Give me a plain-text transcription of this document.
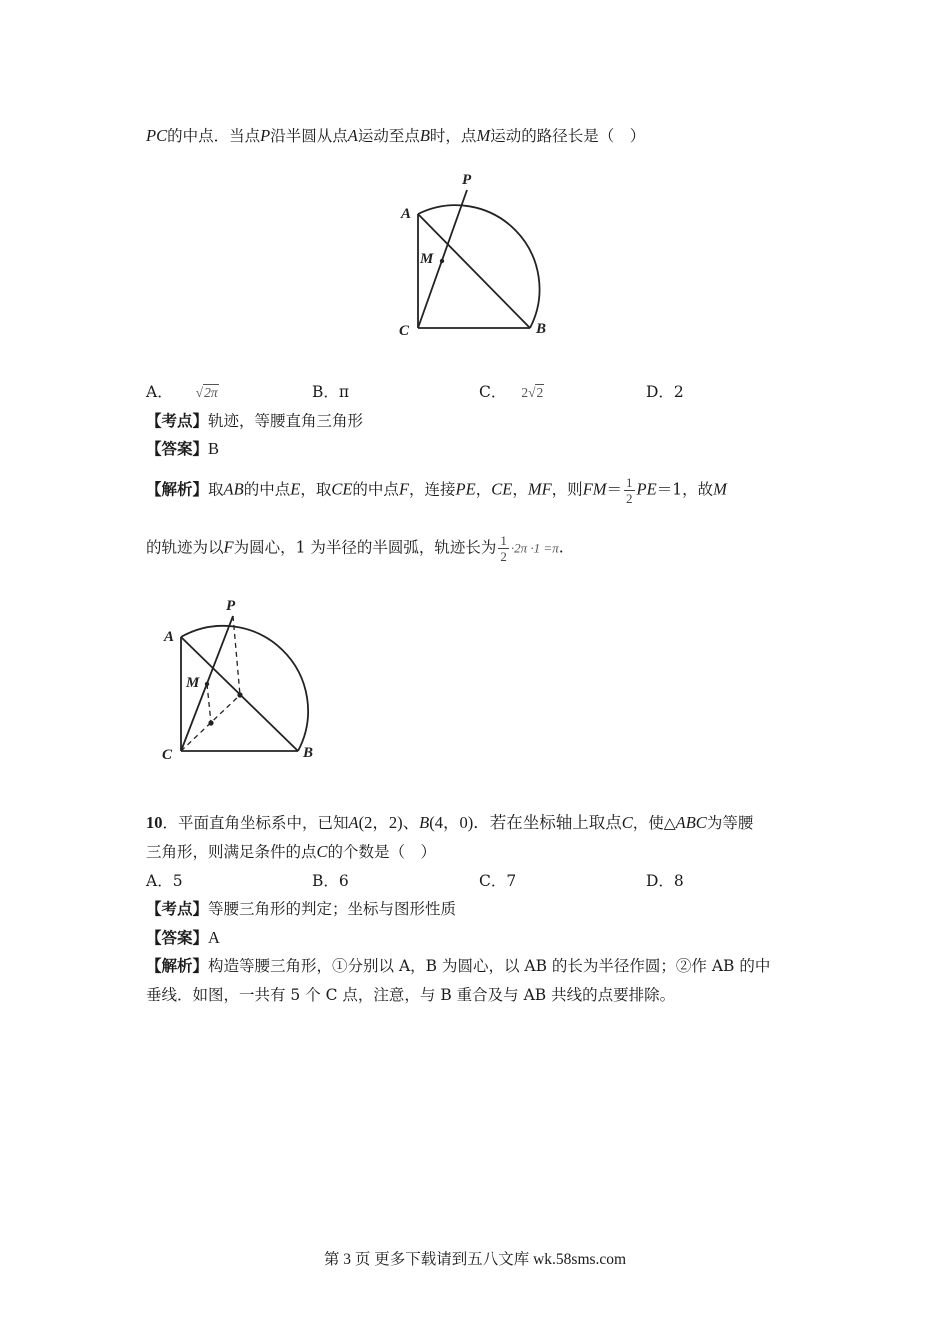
PC的中点．当点P沿半圆从点A运动至点B时，点M运动的路径长是（　）
A
P
M
C	B
A． √2π	B．π	C． 2√2	D．2
【考点】轨迹，等腰直角三角形
【答案】B
【解析】取AB的中点E，取CE的中点F，连接PE，CE，MF，则$FM= \frac{1}{2} PE=1$，故M
的轨迹为以F为圆心，1 为半径的半圆弧，轨迹长为 $\frac{1}{2} \cdot 2\pi \cdot 1 =\pi$.
P
A
M
C	B
10．平面直角坐标系中，已知A(2，2)、B(4，0)．若在坐标轴上取点C，使△ABC为等腰
三角形，则满足条件的点C的个数是（　）
A．5	B．6	C．7	D．8
【考点】等腰三角形的判定；坐标与图形性质
【答案】A
【解析】构造等腰三角形，①分别以 A，B 为圆心，以 AB 的长为半径作圆；②作 AB 的中
垂线．如图，一共有 5 个 C 点，注意，与 B 重合及与 AB 共线的点要排除。
第 3 页 更多下载请到五八文库 wk.58sms.com
